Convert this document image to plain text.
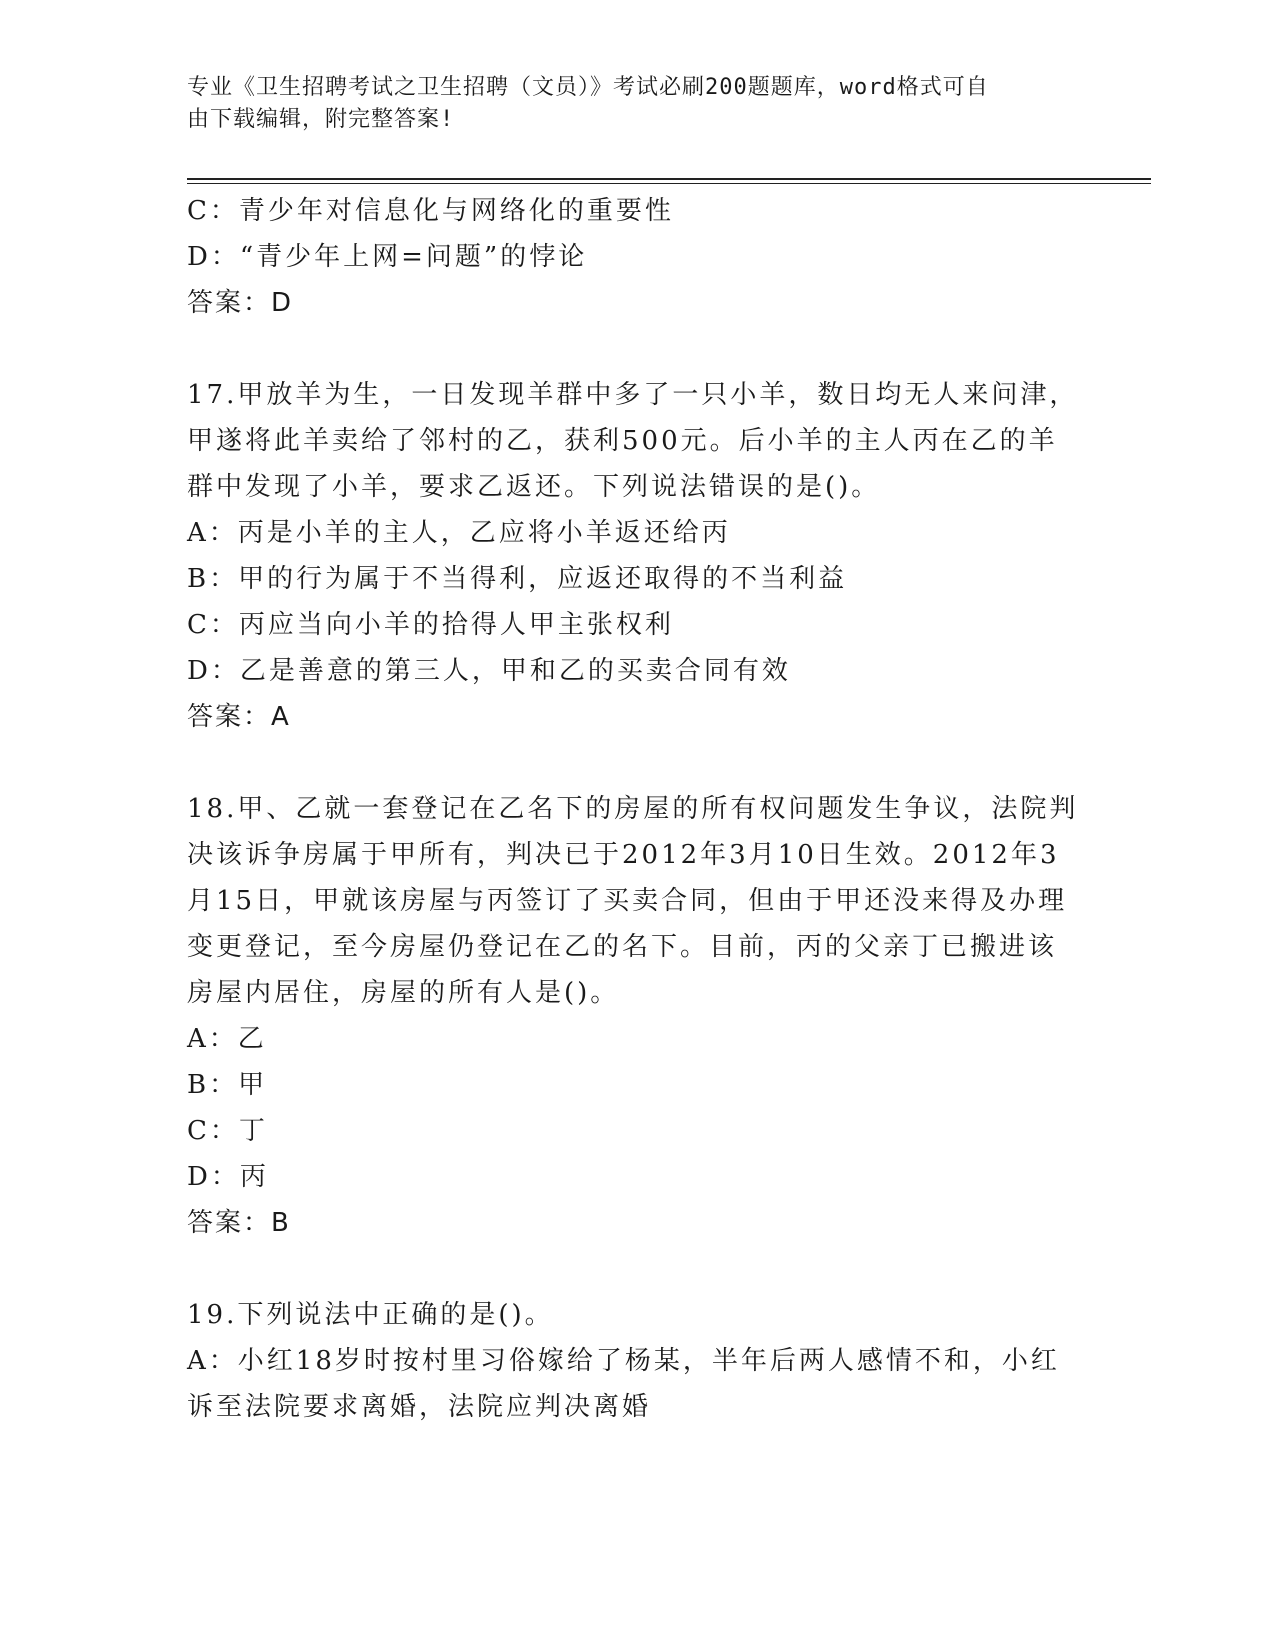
专业《卫生招聘考试之卫生招聘（文员）》考试必刷200题题库，word格式可自
由下载编辑，附完整答案!
C：青少年对信息化与网络化的重要性
D：“青少年上网=问题”的悖论
答案：D
17.甲放羊为生，一日发现羊群中多了一只小羊，数日均无人来问津，
甲遂将此羊卖给了邻村的乙，获利500元。后小羊的主人丙在乙的羊
群中发现了小羊，要求乙返还。下列说法错误的是()。
A：丙是小羊的主人，乙应将小羊返还给丙
B：甲的行为属于不当得利，应返还取得的不当利益
C：丙应当向小羊的拾得人甲主张权利
D：乙是善意的第三人，甲和乙的买卖合同有效
答案：A
18.甲、乙就一套登记在乙名下的房屋的所有权问题发生争议，法院判
决该诉争房属于甲所有，判决已于2012年3月10日生效。2012年3
月15日，甲就该房屋与丙签订了买卖合同，但由于甲还没来得及办理
变更登记，至今房屋仍登记在乙的名下。目前，丙的父亲丁已搬进该
房屋内居住，房屋的所有人是()。
A：乙
B：甲
C：丁
D：丙
答案：B
19.下列说法中正确的是()。
A：小红18岁时按村里习俗嫁给了杨某，半年后两人感情不和，小红
诉至法院要求离婚，法院应判决离婚
